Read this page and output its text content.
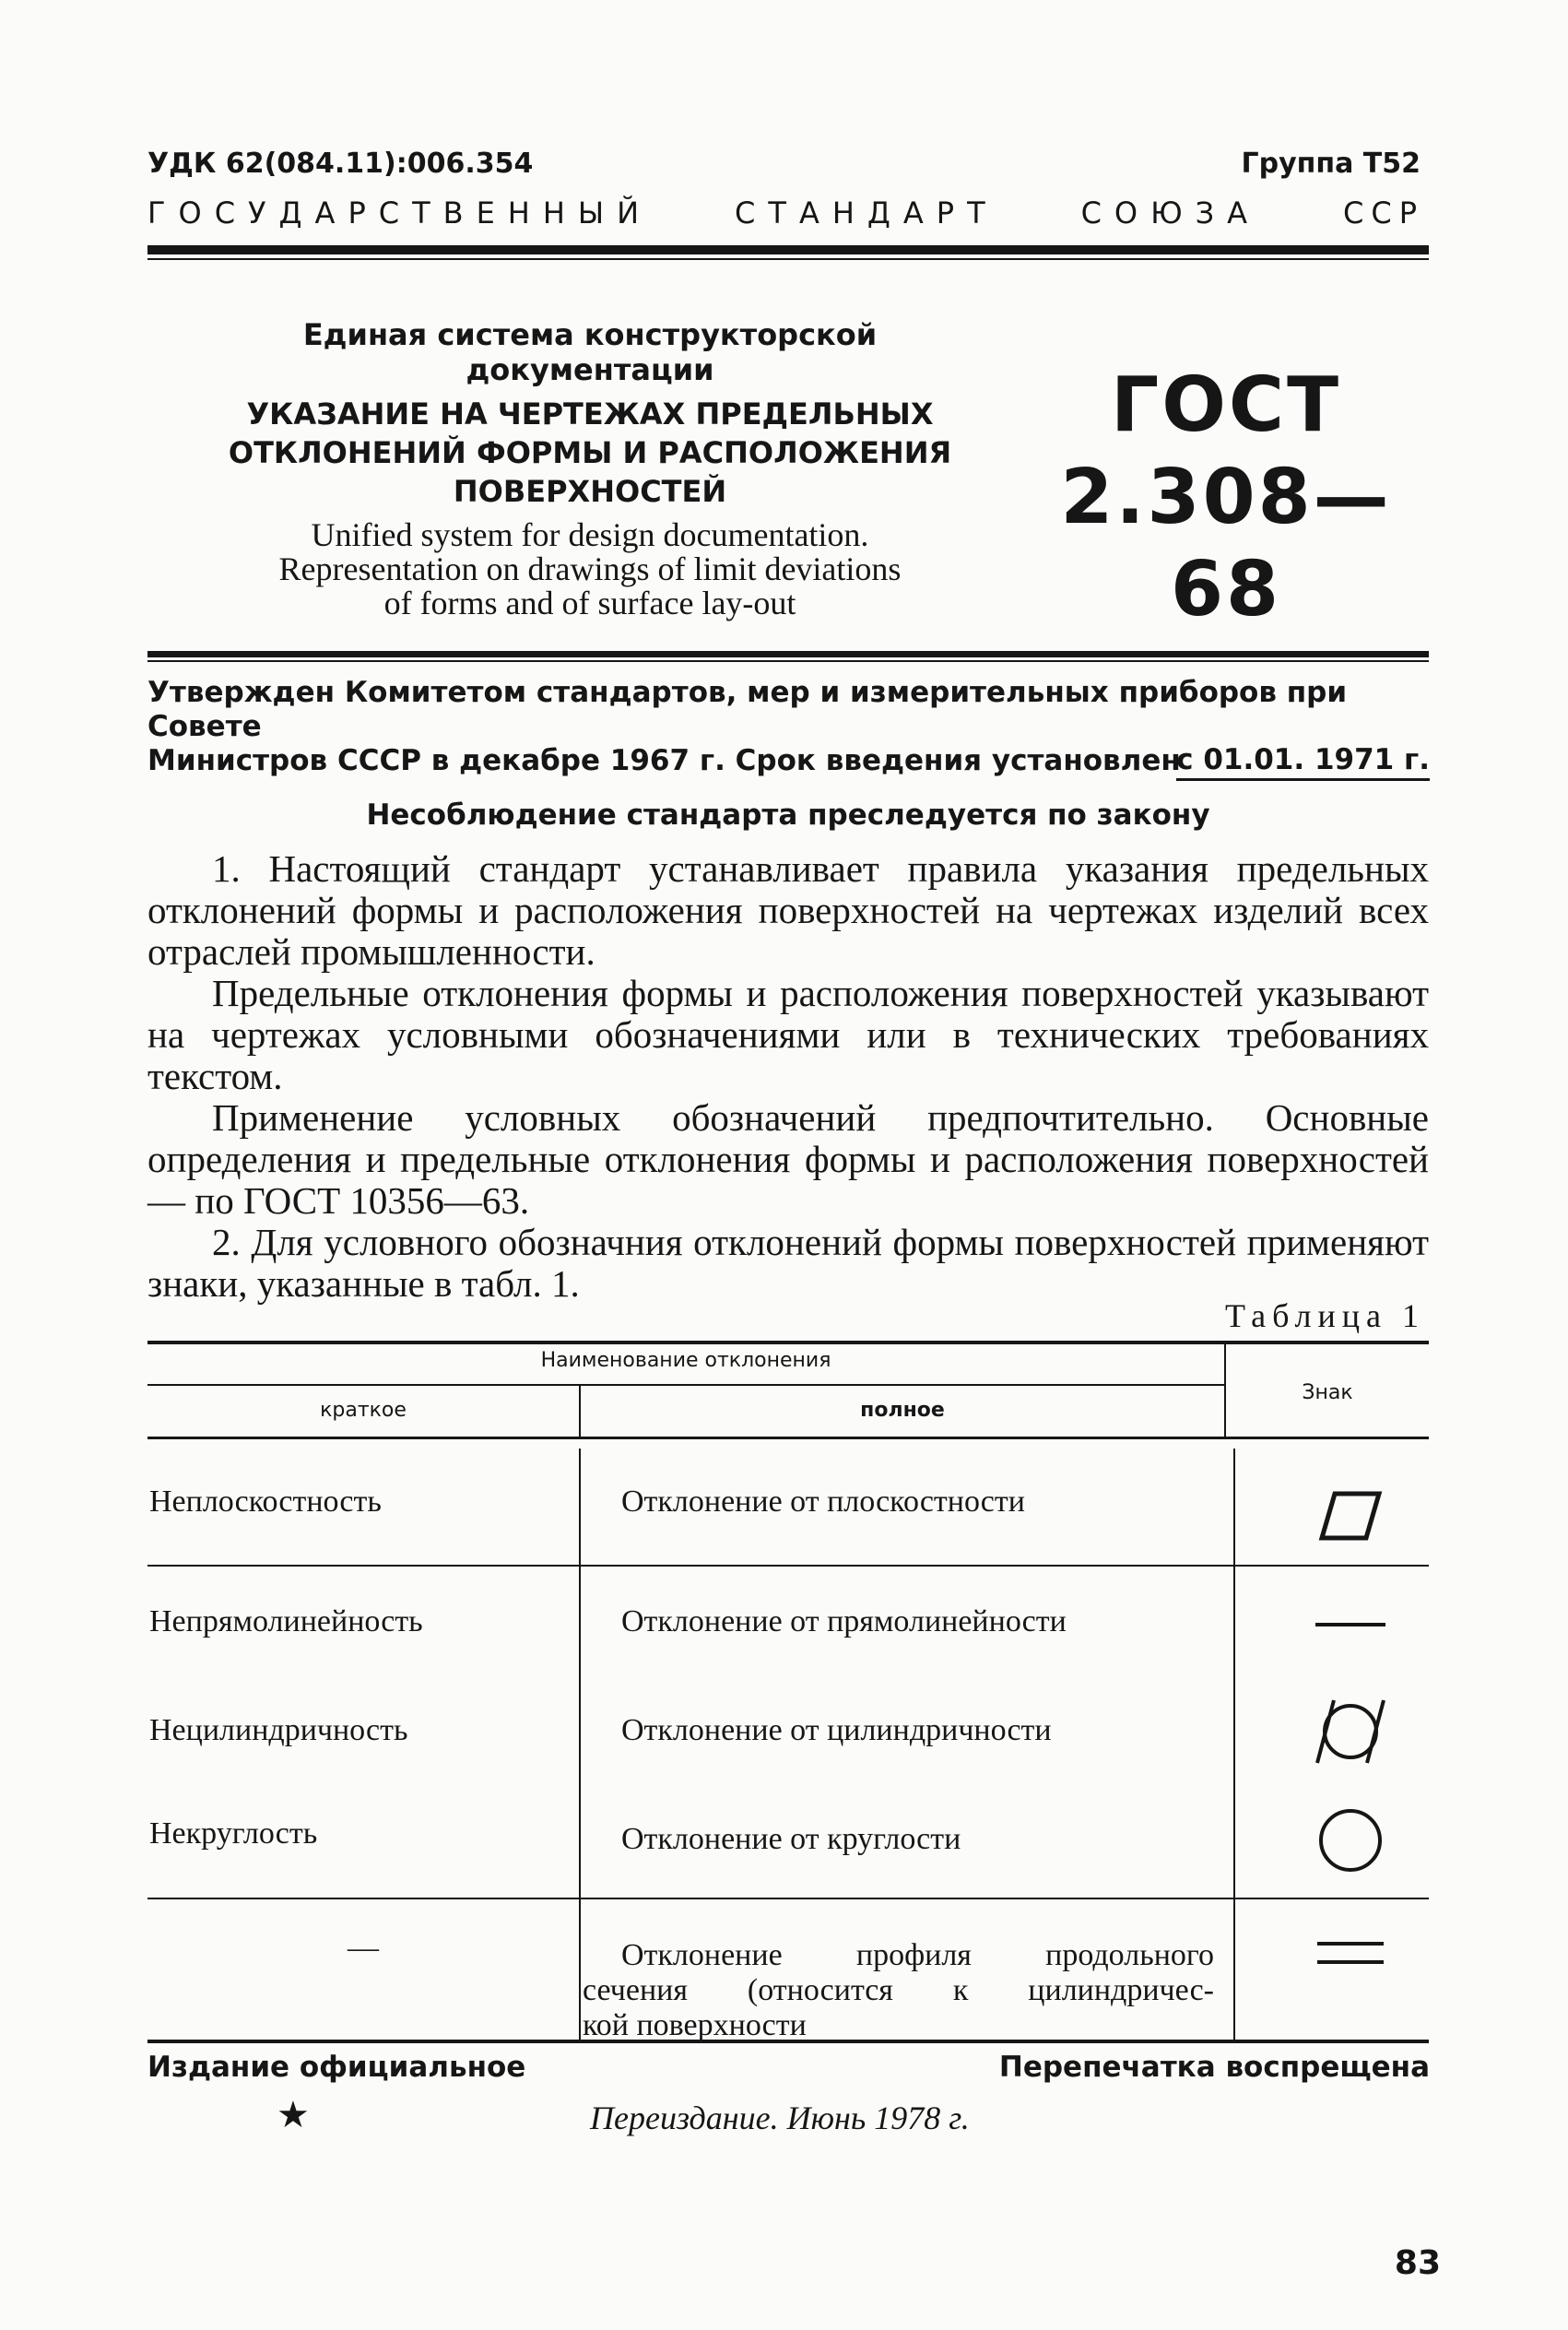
УДК 62(084.11):006.354	Группа Т52
ГОСУДАРСТВЕННЫЙ	СТАНДАРТ	СОЮЗА	ССР
Единая система конструкторской документации
УКАЗАНИЕ НА ЧЕРТЕЖАХ ПРЕДЕЛЬНЫХ
ОТКЛОНЕНИЙ ФОРМЫ И РАСПОЛОЖЕНИЯ
ПОВЕРХНОСТЕЙ
Unified system for design documentation.
Representation on drawings of limit deviations
of forms and of surface lay-out
ГОСТ
2.308—68
Утвержден Комитетом стандартов, мер и измерительных приборов при Совете
Министров СССР в декабре 1967 г. Срок введения установлен
с 01.01. 1971 г.
Несоблюдение стандарта преследуется по закону
1. Настоящий стандарт устанавливает правила указания предельных отклонений формы и расположения поверхностей на чертежах изделий всех отраслей промышленности.
Предельные отклонения формы и расположения поверхностей указывают на чертежах условными обозначениями или в технических требованиях текстом.
Применение условных обозначений предпочтительно. Основные определения и предельные отклонения формы и расположения поверхностей — по ГОСТ 10356—63.
2. Для условного обозначния отклонений формы поверхностей применяют знаки, указанные в табл. 1.
Таблица 1
Наименование отклонения
краткое	полное
Знак
Неплоскостность	Отклонение от плоскостности
Непрямолинейность	Отклонение от прямолинейности
Нецилиндричность	Отклонение от цилиндричности
Некруглость	Отклонение от круглости
—	Отклонение профиля продольного
сечения (относится к цилиндричес-
кой поверхности
Издание официальное	Перепечатка воспрещена
★	Переиздание. Июнь 1978 г.
83
